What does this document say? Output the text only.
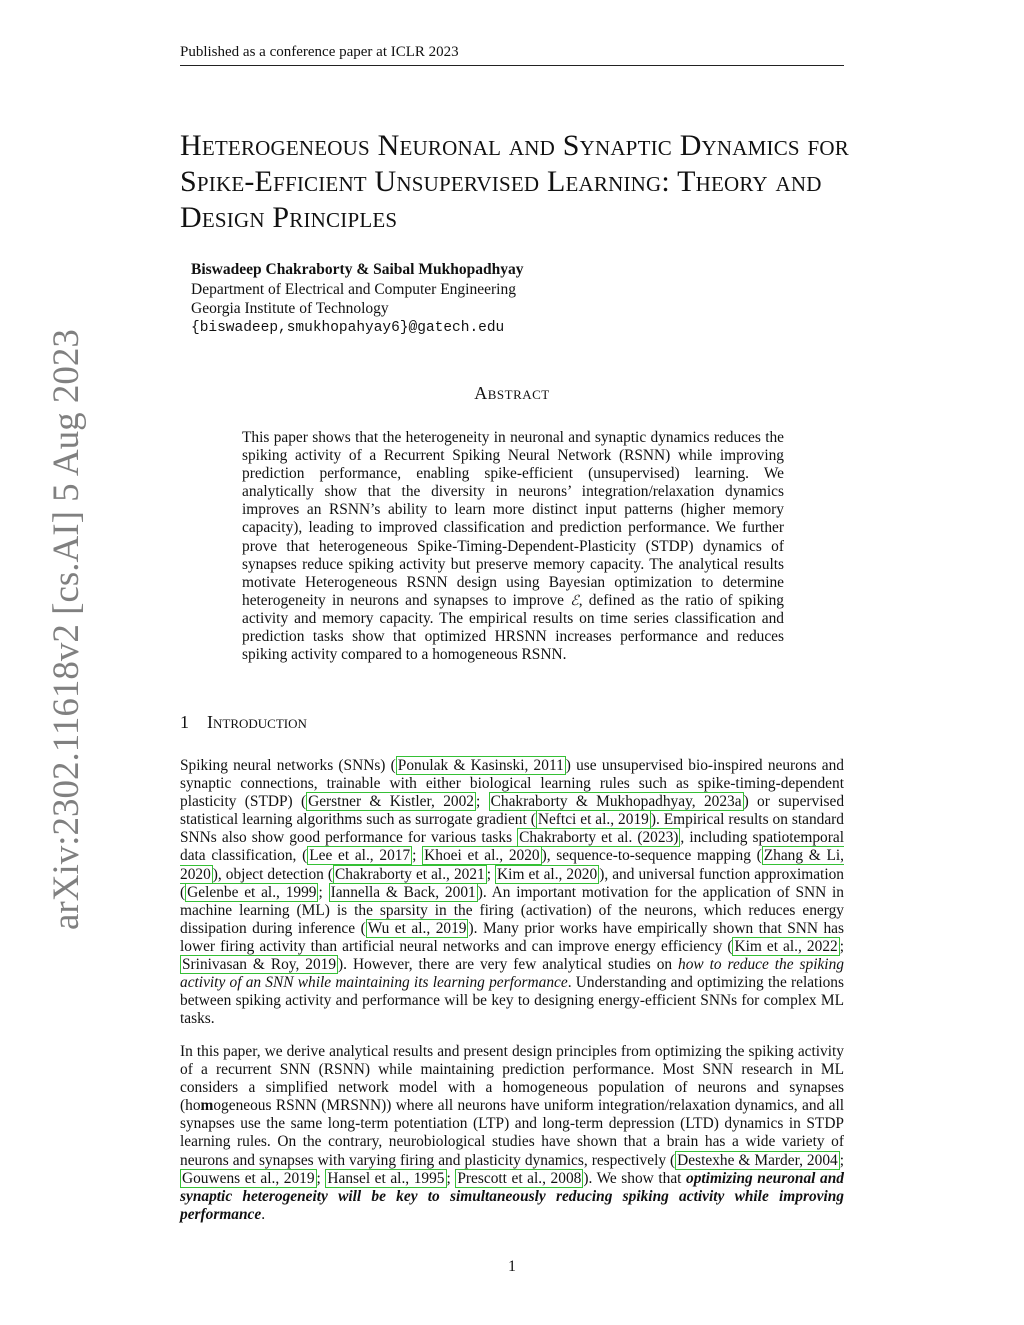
Published as a conference paper at ICLR 2023
arXiv:2302.11618v2 [cs.AI] 5 Aug 2023
Heterogeneous Neuronal and Synaptic Dynamics for Spike-Efficient Unsupervised Learning: Theory and Design Principles
Biswadeep Chakraborty & Saibal Mukhopadhyay
Department of Electrical and Computer Engineering
Georgia Institute of Technology
{biswadeep,smukhopahyay6}@gatech.edu
Abstract

This paper shows that the heterogeneity in neuronal and synaptic dynamics reduces the spiking activity of a Recurrent Spiking Neural Network (RSNN) while improving prediction performance, enabling spike-efficient (unsupervised) learning. We analytically show that the diversity in neurons’ integration/relaxation dynamics improves an RSNN’s ability to learn more distinct input patterns (higher memory capacity), leading to improved classification and prediction performance. We further prove that heterogeneous Spike-Timing-Dependent-Plasticity (STDP) dynamics of synapses reduce spiking activity but preserve memory capacity. The analytical results motivate Heterogeneous RSNN design using Bayesian optimization to determine heterogeneity in neurons and synapses to improve ℰ, defined as the ratio of spiking activity and memory capacity. The empirical results on time series classification and prediction tasks show that optimized HRSNN increases performance and reduces spiking activity compared to a homogeneous RSNN.

1 Introduction

Spiking neural networks (SNNs) ( Ponulak & Kasinski, 2011 ) use unsupervised bio-inspired neurons and synaptic connections, trainable with either biological learning rules such as spike-timing-dependent plasticity (STDP) ( Gerstner & Kistler, 2002 ; Chakraborty & Mukhopadhyay, 2023a ) or supervised statistical learning algorithms such as surrogate gradient ( Neftci et al., 2019 ). Empirical results on standard SNNs also show good performance for various tasks Chakraborty et al. (2023) , including spatiotemporal data classification, ( Lee et al., 2017 ; Khoei et al., 2020 ), sequence-to-sequence mapping ( Zhang & Li, 2020 ), object detection ( Chakraborty et al., 2021 ; Kim et al., 2020 ), and universal function approximation ( Gelenbe et al., 1999 ; Iannella & Back, 2001 ). An important motivation for the application of SNN in machine learning (ML) is the sparsity in the firing (activation) of the neurons, which reduces energy dissipation during inference ( Wu et al., 2019 ). Many prior works have empirically shown that SNN has lower firing activity than artificial neural networks and can improve energy efficiency ( Kim et al., 2022 ; Srinivasan & Roy, 2019 ). However, there are very few analytical studies on how to reduce the spiking activity of an SNN while maintaining its learning performance. Understanding and optimizing the relations between spiking activity and performance will be key to designing energy-efficient SNNs for complex ML tasks.

In this paper, we derive analytical results and present design principles from optimizing the spiking activity of a recurrent SNN (RSNN) while maintaining prediction performance. Most SNN research in ML considers a simplified network model with a homogeneous population of neurons and synapses (homogeneous RSNN (MRSNN)) where all neurons have uniform integration/relaxation dynamics, and all synapses use the same long-term potentiation (LTP) and long-term depression (LTD) dynamics in STDP learning rules. On the contrary, neurobiological studies have shown that a brain has a wide variety of neurons and synapses with varying firing and plasticity dynamics, respectively ( Destexhe & Marder, 2004 ; Gouwens et al., 2019 ; Hansel et al., 1995 ; Prescott et al., 2008 ). We show that optimizing neuronal and synaptic heterogeneity will be key to simultaneously reducing spiking activity while improving performance.

1
